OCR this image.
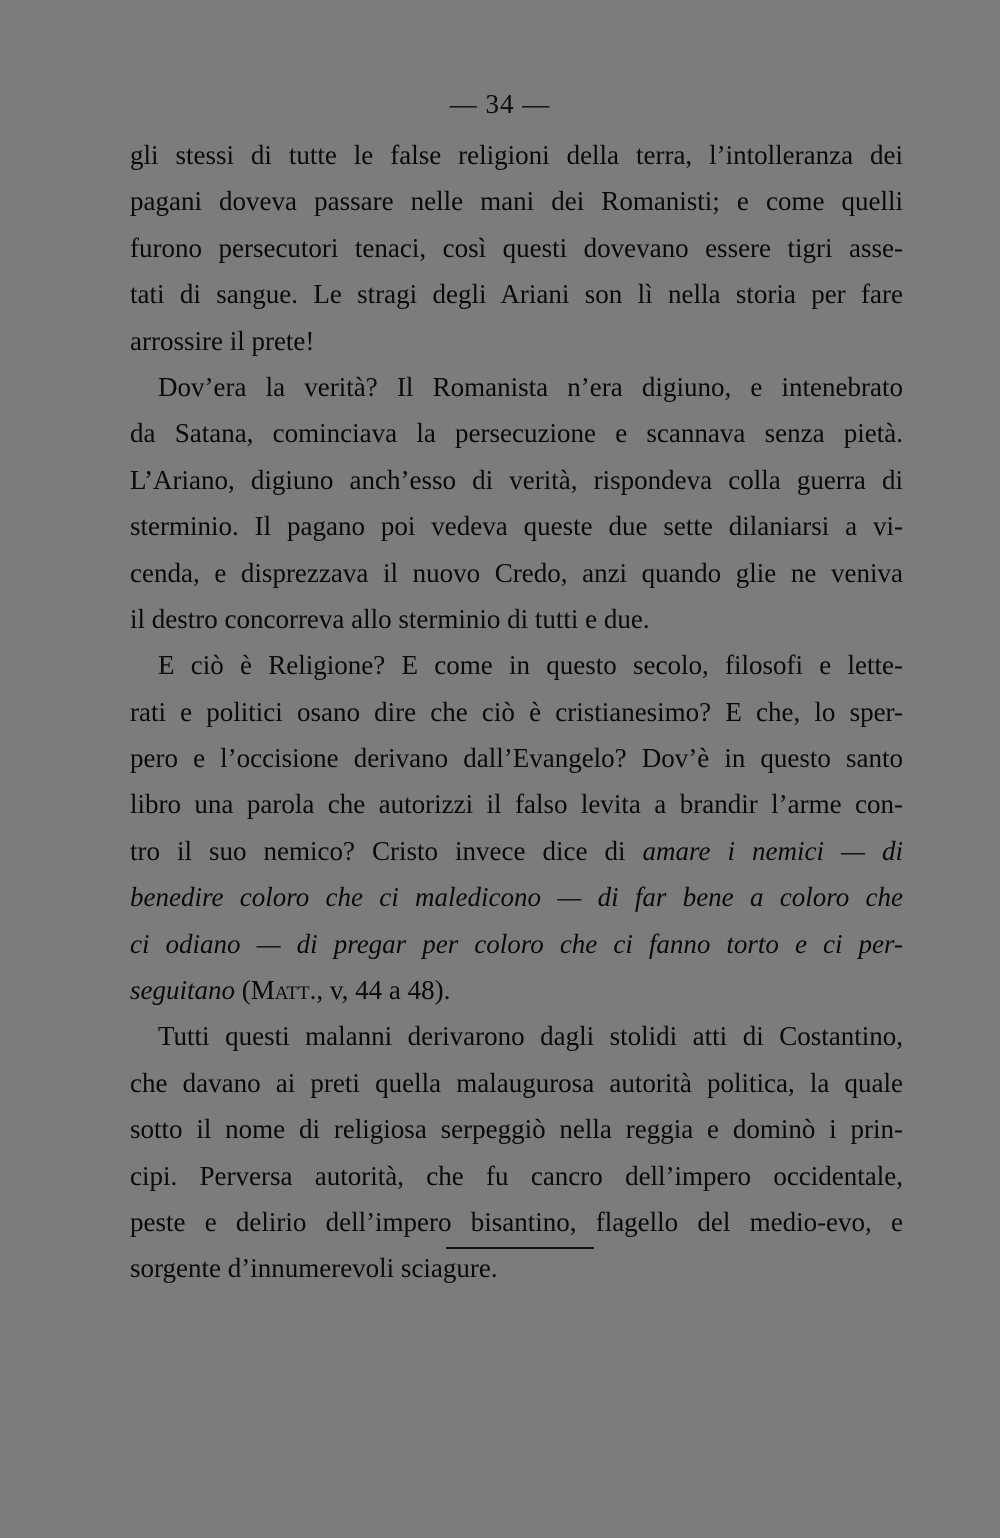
— 34 —
gli stessi di tutte le false religioni della terra, l’intolleranza dei
pagani doveva passare nelle mani dei Romanisti; e come quelli
furono persecutori tenaci, così questi dovevano essere tigri asse-
tati di sangue. Le stragi degli Ariani son lì nella storia per fare
arrossire il prete!
Dov’era la verità? Il Romanista n’era digiuno, e intenebrato
da Satana, cominciava la persecuzione e scannava senza pietà.
L’Ariano, digiuno anch’esso di verità, rispondeva colla guerra di
sterminio. Il pagano poi vedeva queste due sette dilaniarsi a vi-
cenda, e disprezzava il nuovo Credo, anzi quando glie ne veniva
il destro concorreva allo sterminio di tutti e due.
E ciò è Religione? E come in questo secolo, filosofi e lette-
rati e politici osano dire che ciò è cristianesimo? E che, lo sper-
pero e l’occisione derivano dall’Evangelo? Dov’è in questo santo
libro una parola che autorizzi il falso levita a brandir l’arme con-
tro il suo nemico? Cristo invece dice di amare i nemici — di
benedire coloro che ci maledicono — di far bene a coloro che
ci odiano — di pregar per coloro che ci fanno torto e ci per-
seguitano (Matt., v, 44 a 48).
Tutti questi malanni derivarono dagli stolidi atti di Costantino,
che davano ai preti quella malaugurosa autorità politica, la quale
sotto il nome di religiosa serpeggiò nella reggia e dominò i prin-
cipi. Perversa autorità, che fu cancro dell’impero occidentale,
peste e delirio dell’impero bisantino, flagello del medio-evo, e
sorgente d’innumerevoli sciagure.
